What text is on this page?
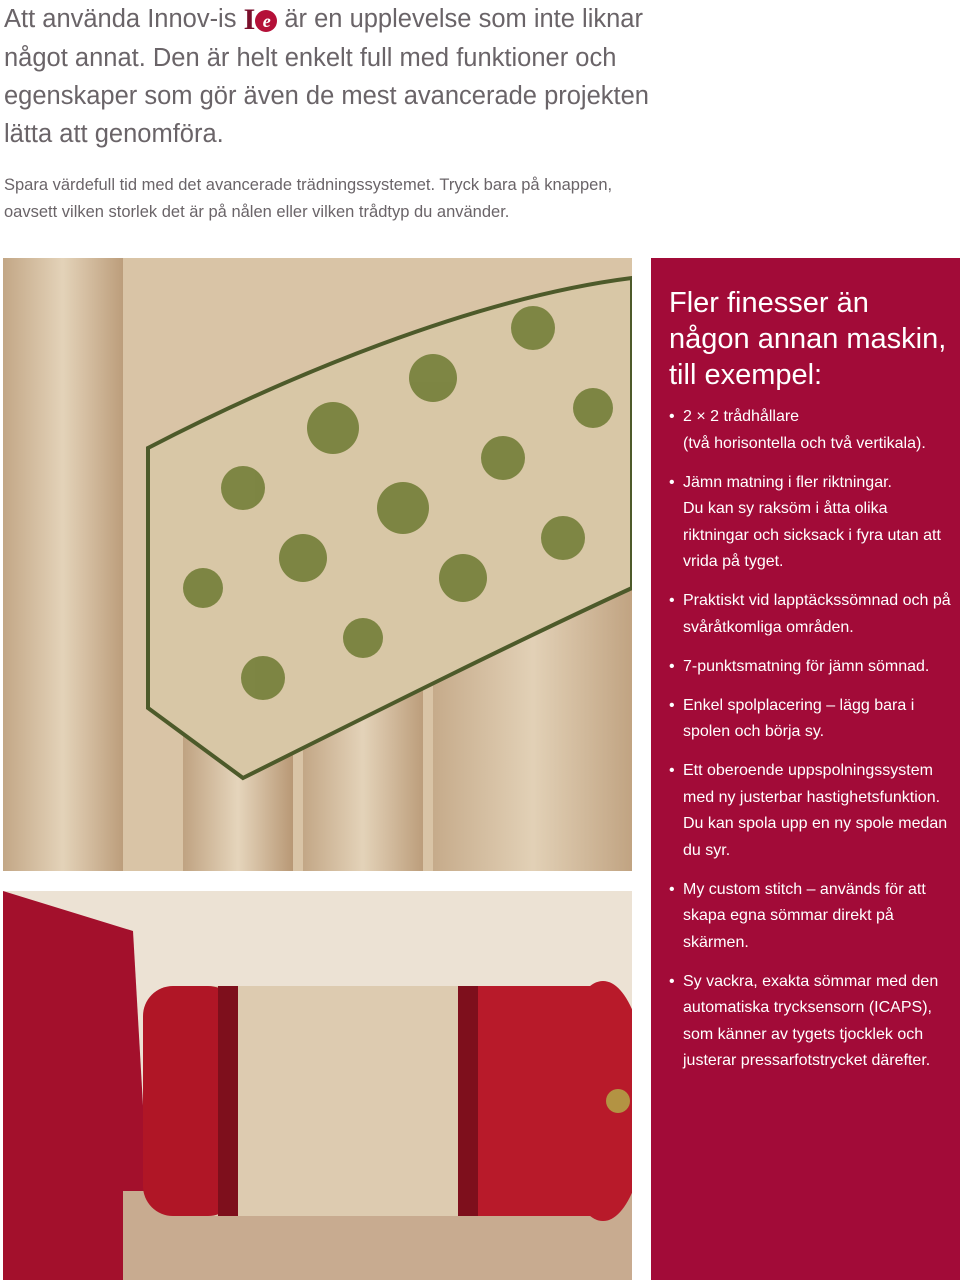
Att använda Innov-is I e är en upplevelse som inte liknar något annat. Den är helt enkelt full med funktioner och egenskaper som gör även de mest avancerade projekten lätta att genomföra.
Spara värdefull tid med det avancerade trädningssystemet. Tryck bara på knappen, oavsett vilken storlek det är på nålen eller vilken trådtyp du använder.
Fler finesser än någon annan maskin, till exempel:
• 2 × 2 trådhållare
(två horisontella och två vertikala).
• Jämn matning i fler riktningar.
Du kan sy raksöm i åtta olika riktningar och sicksack i fyra utan att vrida på tyget.
• Praktiskt vid lapptäckssömnad och på svåråtkomliga områden.
• 7-punktsmatning för jämn sömnad.
• Enkel spolplacering – lägg bara i spolen och börja sy.
• Ett oberoende uppspolningssystem med ny justerbar hastighetsfunktion. Du kan spola upp en ny spole medan du syr.
• My custom stitch – används för att skapa egna sömmar direkt på skärmen.
• Sy vackra, exakta sömmar med den automatiska trycksensorn (ICAPS), som känner av tygets tjocklek och justerar pressarfotstrycket därefter.
